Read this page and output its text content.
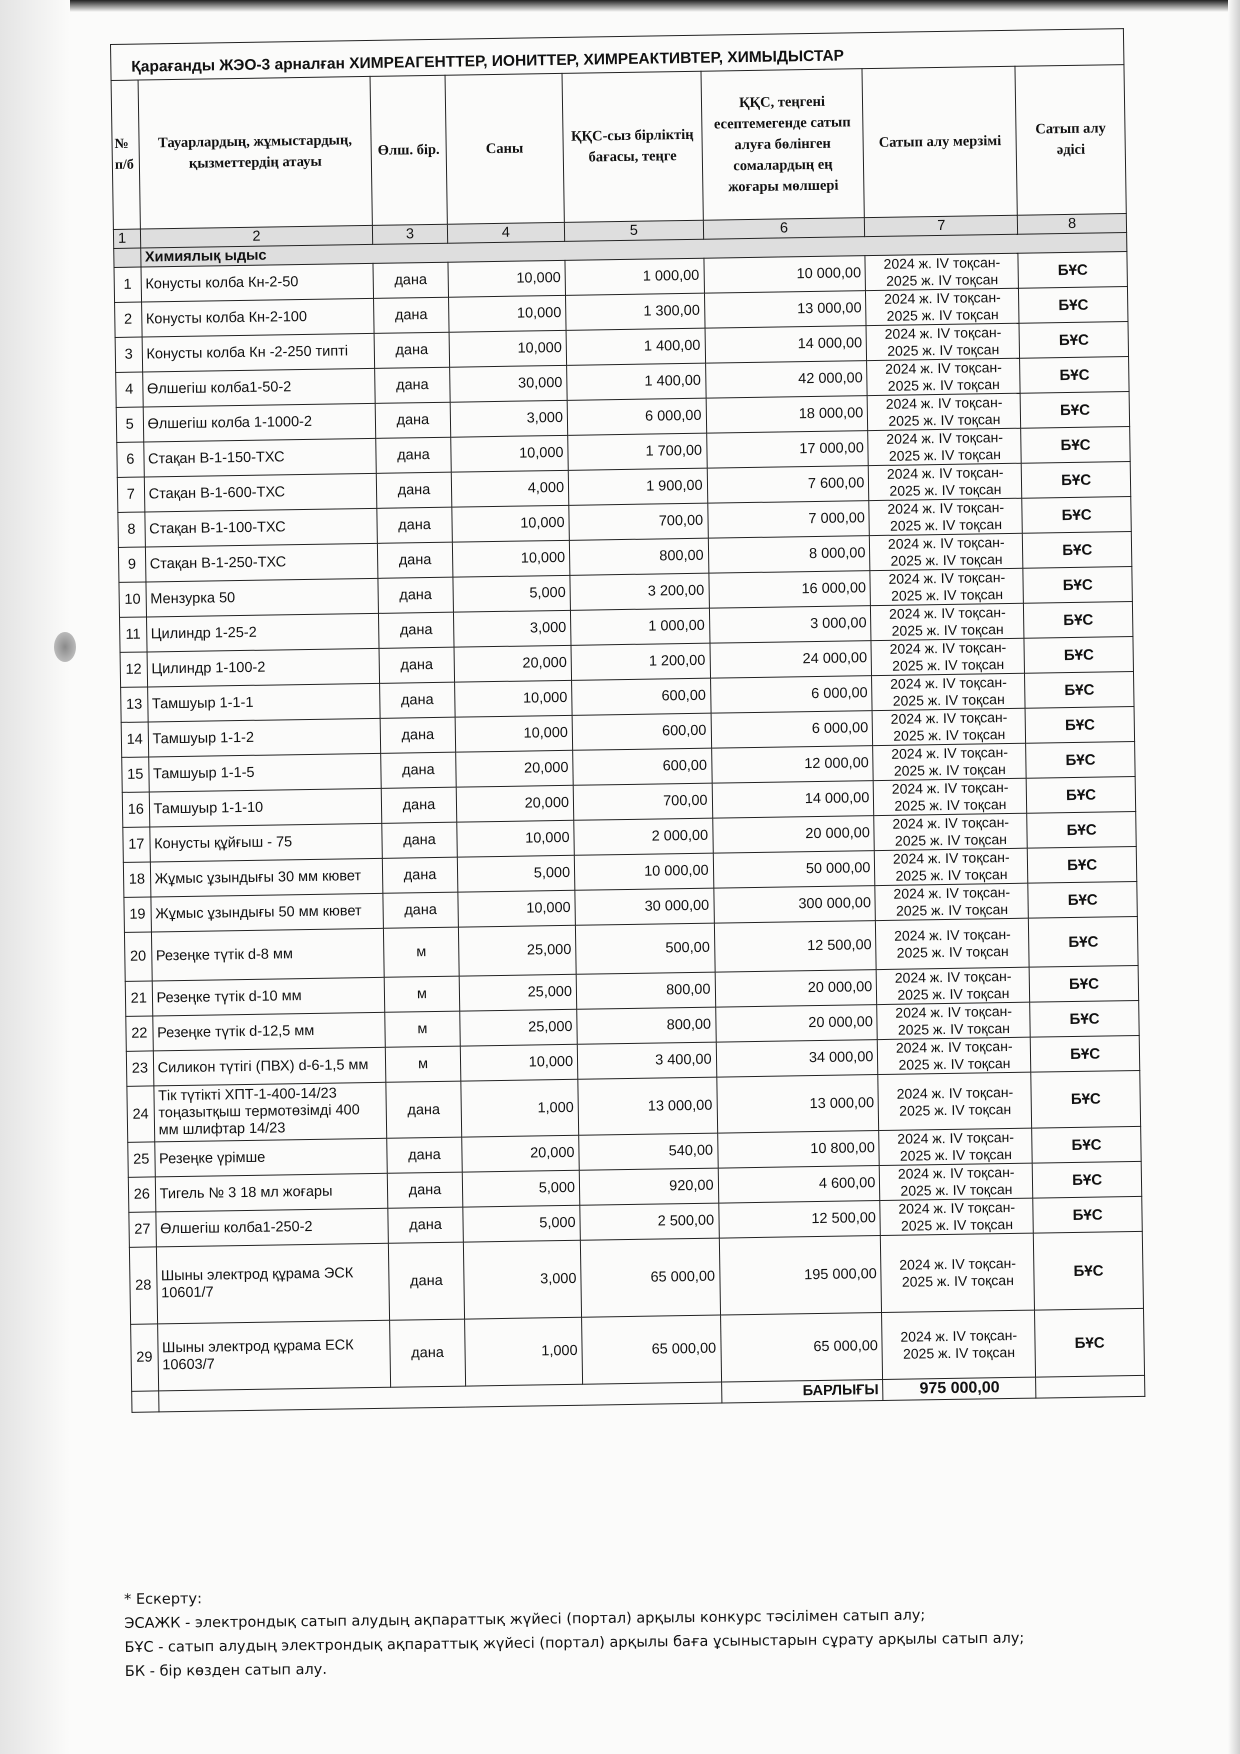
Қарағанды ЖЭО-3 арналған ХИМРЕАГЕНТТЕР, ИОНИТТЕР, ХИМРЕАКТИВТЕР, ХИМЫДЫСТАР
№
п/б	Тауарлардың, жұмыстардың, қызметтердің атауы	Өлш. бір.	Саны	ҚҚС-сыз бірліктің бағасы, теңге	ҚҚС, теңгені есептемегенде сатып алуға бөлінген сомалардың ең жоғары мөлшері	Сатып алу мерзімі	Сатып алу әдісі
1	2	3	4	5	6	7	8
	Химиялық ыдыс						
1	Конусты колба Кн-2-50	дана	10,000	1 000,00	10 000,00	2024 ж. IV тоқсан-
2025 ж. IV тоқсан	БҰС
2	Конусты колба Кн-2-100	дана	10,000	1 300,00	13 000,00	2024 ж. IV тоқсан-
2025 ж. IV тоқсан	БҰС
3	Конусты колба Кн -2-250 типті	дана	10,000	1 400,00	14 000,00	2024 ж. IV тоқсан-
2025 ж. IV тоқсан	БҰС
4	Өлшегіш колба1-50-2	дана	30,000	1 400,00	42 000,00	2024 ж. IV тоқсан-
2025 ж. IV тоқсан	БҰС
5	Өлшегіш колба 1-1000-2	дана	3,000	6 000,00	18 000,00	2024 ж. IV тоқсан-
2025 ж. IV тоқсан	БҰС
6	Стақан В-1-150-ТХС	дана	10,000	1 700,00	17 000,00	2024 ж. IV тоқсан-
2025 ж. IV тоқсан	БҰС
7	Стақан В-1-600-ТХС	дана	4,000	1 900,00	7 600,00	2024 ж. IV тоқсан-
2025 ж. IV тоқсан	БҰС
8	Стақан В-1-100-ТХС	дана	10,000	700,00	7 000,00	2024 ж. IV тоқсан-
2025 ж. IV тоқсан	БҰС
9	Стақан В-1-250-ТХС	дана	10,000	800,00	8 000,00	2024 ж. IV тоқсан-
2025 ж. IV тоқсан	БҰС
10	Мензурка 50	дана	5,000	3 200,00	16 000,00	2024 ж. IV тоқсан-
2025 ж. IV тоқсан	БҰС
11	Цилиндр 1-25-2	дана	3,000	1 000,00	3 000,00	2024 ж. IV тоқсан-
2025 ж. IV тоқсан	БҰС
12	Цилиндр 1-100-2	дана	20,000	1 200,00	24 000,00	2024 ж. IV тоқсан-
2025 ж. IV тоқсан	БҰС
13	Тамшуыр 1-1-1	дана	10,000	600,00	6 000,00	2024 ж. IV тоқсан-
2025 ж. IV тоқсан	БҰС
14	Тамшуыр 1-1-2	дана	10,000	600,00	6 000,00	2024 ж. IV тоқсан-
2025 ж. IV тоқсан	БҰС
15	Тамшуыр 1-1-5	дана	20,000	600,00	12 000,00	2024 ж. IV тоқсан-
2025 ж. IV тоқсан	БҰС
16	Тамшуыр 1-1-10	дана	20,000	700,00	14 000,00	2024 ж. IV тоқсан-
2025 ж. IV тоқсан	БҰС
17	Конусты құйғыш - 75	дана	10,000	2 000,00	20 000,00	2024 ж. IV тоқсан-
2025 ж. IV тоқсан	БҰС
18	Жұмыс ұзындығы 30 мм кювет	дана	5,000	10 000,00	50 000,00	2024 ж. IV тоқсан-
2025 ж. IV тоқсан	БҰС
19	Жұмыс ұзындығы 50 мм кювет	дана	10,000	30 000,00	300 000,00	2024 ж. IV тоқсан-
2025 ж. IV тоқсан	БҰС
20	Резеңке түтік d-8 мм	м	25,000	500,00	12 500,00	2024 ж. IV тоқсан-
2025 ж. IV тоқсан	БҰС
21	Резеңке түтік d-10 мм	м	25,000	800,00	20 000,00	2024 ж. IV тоқсан-
2025 ж. IV тоқсан	БҰС
22	Резеңке түтік d-12,5 мм	м	25,000	800,00	20 000,00	2024 ж. IV тоқсан-
2025 ж. IV тоқсан	БҰС
23	Силикон түтігі (ПВХ) d-6-1,5 мм	м	10,000	3 400,00	34 000,00	2024 ж. IV тоқсан-
2025 ж. IV тоқсан	БҰС
24	Тік түтікті ХПТ-1-400-14/23 тоңазытқыш термотөзімді 400 мм шлифтар 14/23	дана	1,000	13 000,00	13 000,00	2024 ж. IV тоқсан-
2025 ж. IV тоқсан	БҰС
25	Резеңке үрімше	дана	20,000	540,00	10 800,00	2024 ж. IV тоқсан-
2025 ж. IV тоқсан	БҰС
26	Тигель № 3 18 мл жоғары	дана	5,000	920,00	4 600,00	2024 ж. IV тоқсан-
2025 ж. IV тоқсан	БҰС
27	Өлшегіш колба1-250-2	дана	5,000	2 500,00	12 500,00	2024 ж. IV тоқсан-
2025 ж. IV тоқсан	БҰС
28	Шыны электрод құрама ЭСК 10601/7	дана	3,000	65 000,00	195 000,00	2024 ж. IV тоқсан-
2025 ж. IV тоқсан	БҰС
29	Шыны электрод құрама ЕСК 10603/7	дана	1,000	65 000,00	65 000,00	2024 ж. IV тоқсан-
2025 ж. IV тоқсан	БҰС
					БАРЛЫҒЫ	975 000,00	
* Ескерту:
ЭСАЖК - электрондық сатып алудың ақпараттық жүйесі (портал) арқылы конкурс тәсілімен сатып алу;
БҰС - сатып алудың электрондық ақпараттық жүйесі (портал) арқылы баға ұсыныстарын сұрату арқылы сатып алу;
БК - бір көзден сатып алу.
